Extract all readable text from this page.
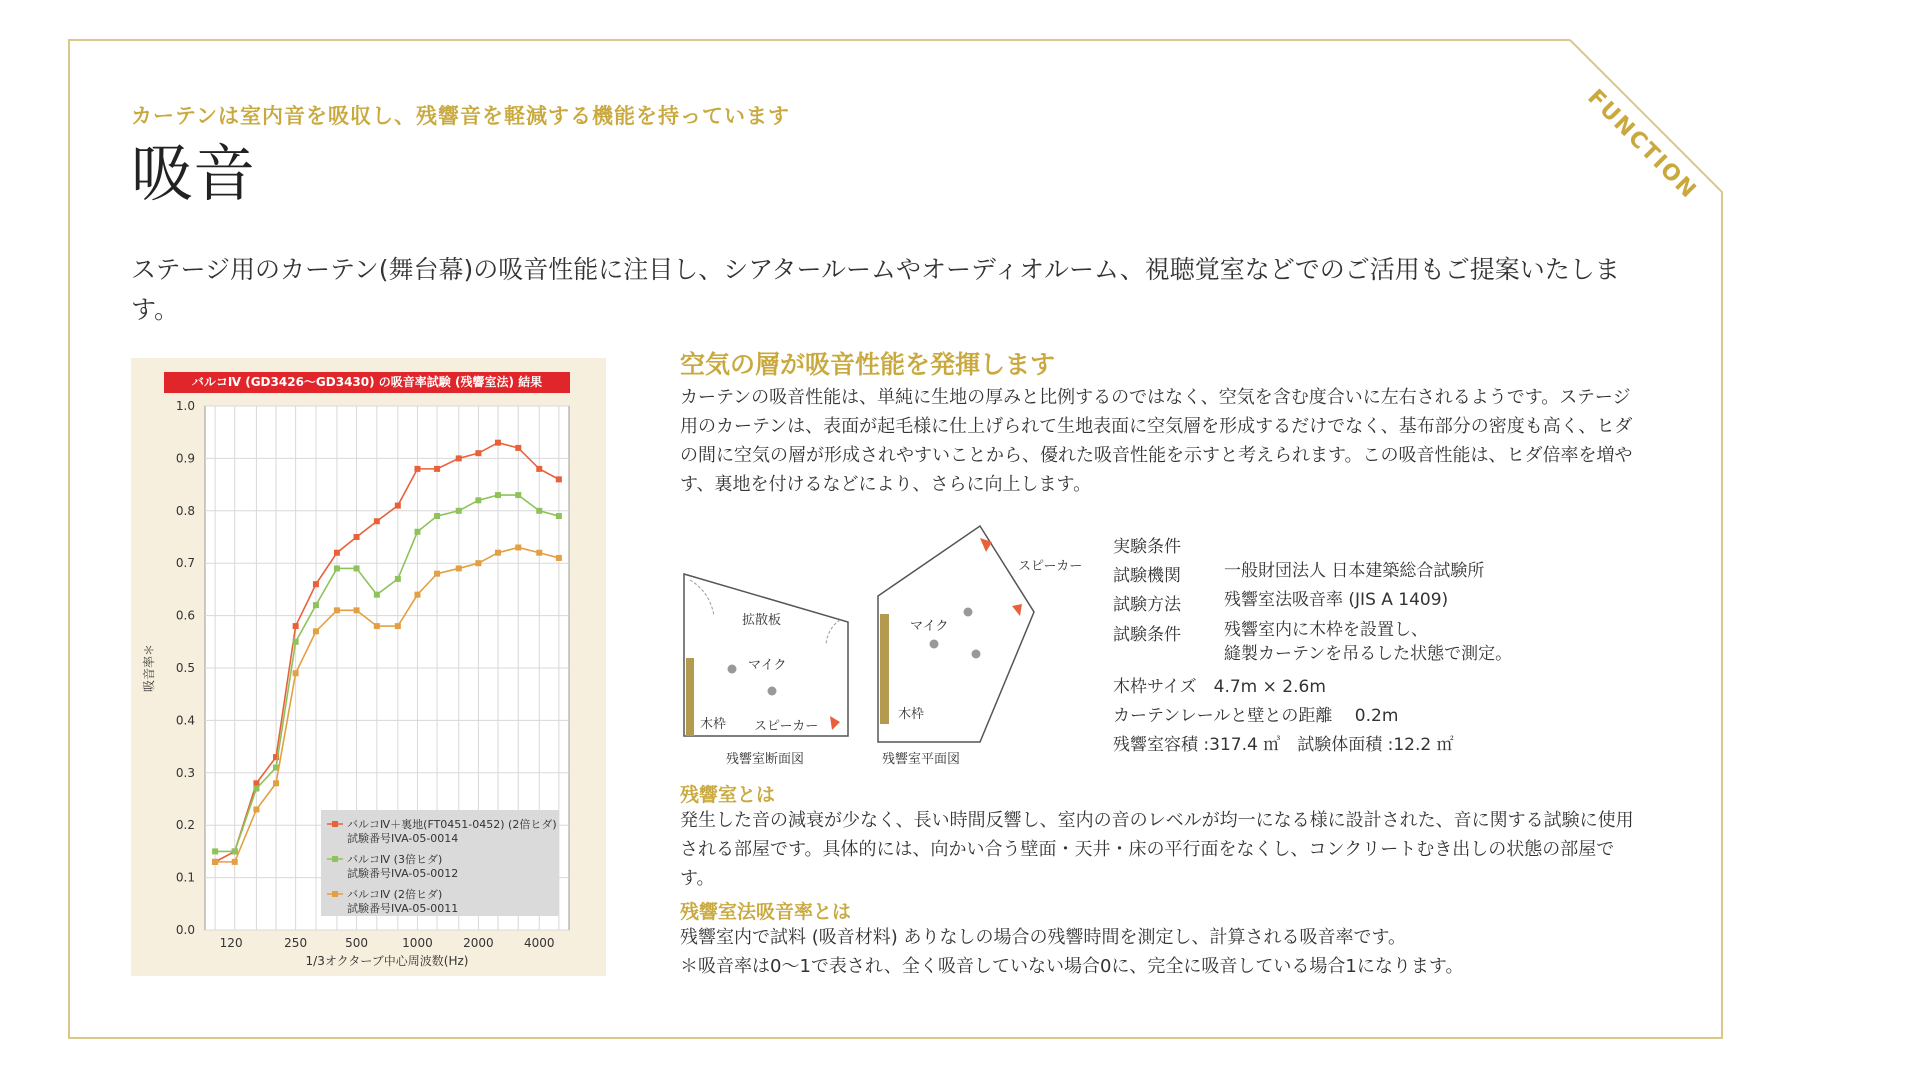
FUNCTION
カーテンは室内音を吸収し、残響音を軽減する機能を持っています
吸音

ステージ用のカーテン(舞台幕)の吸音性能に注目し、シアタールームやオーディオルーム、視聴覚室などでのご活用もご提案いたします。

0.0
0.1
0.2
0.3
0.4
0.5
0.6
0.7
0.8
0.9
1.0
120	250	500	1000	2000	4000
1/3オクターブ中心周波数(Hz)
吸音率＊
バルコⅣ＋裏地(FT0451-0452) (2倍ヒダ)
試験番号IVA-05-0014
バルコⅣ (3倍ヒダ)
試験番号IVA-05-0012
バルコⅣ (2倍ヒダ)
試験番号IVA-05-0011
バルコⅣ (GD3426～GD3430) の吸音率試験 (残響室法) 結果
空気の層が吸音性能を発揮します

カーテンの吸音性能は、単純に生地の厚みと比例するのではなく、空気を含む度合いに左右されるようです。ステージ用のカーテンは、表面が起毛様に仕上げられて生地表面に空気層を形成するだけでなく、基布部分の密度も高く、ヒダの間に空気の層が形成されやすいことから、優れた吸音性能を示すと考えられます。この吸音性能は、ヒダ倍率を増やす、裏地を付けるなどにより、さらに向上します。

拡散板
マイク
木枠 スピーカー
残響室断面図
マイク
木枠
スピーカー
残響室平面図
実験条件
試験機関	一般財団法人 日本建築総合試験所
試験方法	残響室法吸音率 (JIS A 1409)
試験条件	残響室内に木枠を設置し、
縫製カーテンを吊るした状態で測定。
木枠サイズ　4.7m × 2.6m
カーテンレールと壁との距離　 0.2m
残響室容積 :317.4 ㎥　試験体面積 :12.2 ㎡
残響室とは

発生した音の減衰が少なく、長い時間反響し、室内の音のレベルが均一になる様に設計された、音に関する試験に使用される部屋です。具体的には、向かい合う壁面・天井・床の平行面をなくし、コンクリートむき出しの状態の部屋です。

残響室法吸音率とは

残響室内で試料 (吸音材料) ありなしの場合の残響時間を測定し、計算される吸音率です。

＊吸音率は0～1で表され、全く吸音していない場合0に、完全に吸音している場合1になります。
